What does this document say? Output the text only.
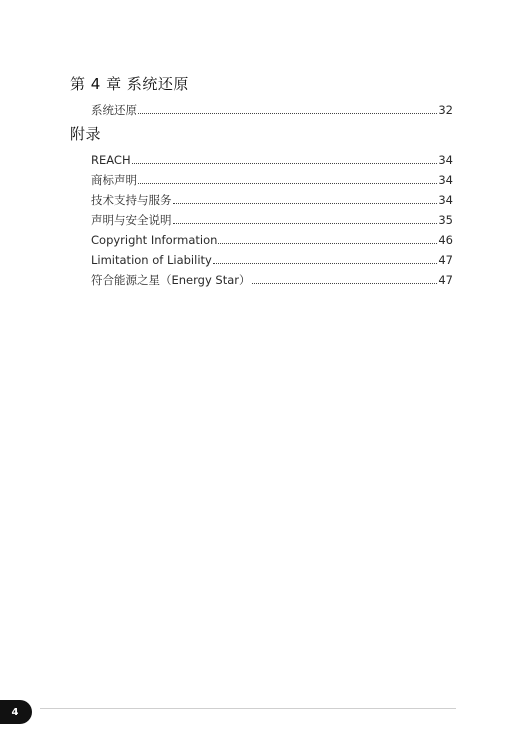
第 4 章 系统还原
系统还原	32
附录
REACH	34
商标声明	34
技术支持与服务	34
声明与安全说明	35
Copyright Information	46
Limitation of Liability	47
符合能源之星（Energy Star）	47
4
